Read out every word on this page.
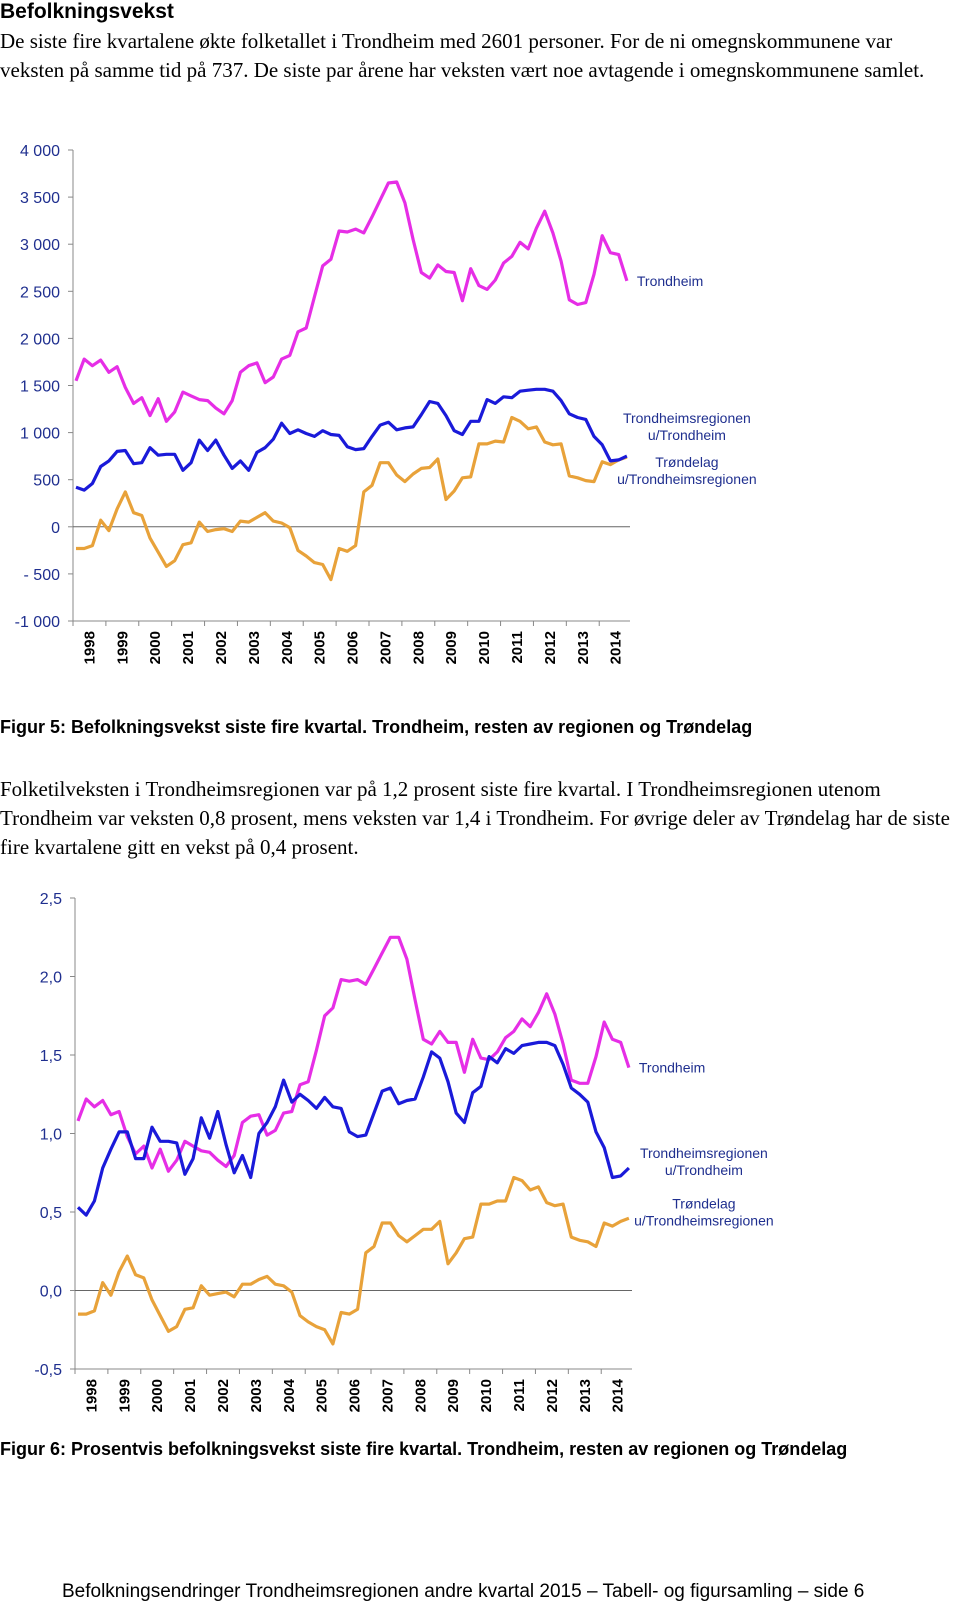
Befolkningsvekst

De siste fire kvartalene økte folketallet i Trondheim med 2601 personer. For de ni omegnskommunene var veksten på samme tid på 737. De siste par årene har veksten vært noe avtagende i omegnskommunene samlet.

4 000
3 500
3 000
2 500
2 000
1 500
1 000
500
0
- 500
-1 000
1998 1999 2000 2001 2002 2003 2004 2005 2006 2007 2008 2009 2010 2011 2012 2013 2014
Trondheim
Trondheimsregionen u/Trondheim
Trøndelag u/Trondheimsregionen

Figur 5: Befolkningsvekst siste fire kvartal. Trondheim, resten av regionen og Trøndelag

Folketilveksten i Trondheimsregionen var på 1,2 prosent siste fire kvartal. I Trondheimsregionen utenom Trondheim var veksten 0,8 prosent, mens veksten var 1,4 i Trondheim. For øvrige deler av Trøndelag har de siste fire kvartalene gitt en vekst på 0,4 prosent.

2,5
2,0
1,5
1,0
0,5
0,0
-0,5
1998 1999 2000 2001 2002 2003 2004 2005 2006 2007 2008 2009 2010 2011 2012 2013 2014
Trondheim
Trondheimsregionen u/Trondheim
Trøndelag u/Trondheimsregionen

Figur 6: Prosentvis befolkningsvekst siste fire kvartal. Trondheim, resten av regionen og Trøndelag

Befolkningsendringer Trondheimsregionen andre kvartal 2015 – Tabell- og figursamling – side 6
